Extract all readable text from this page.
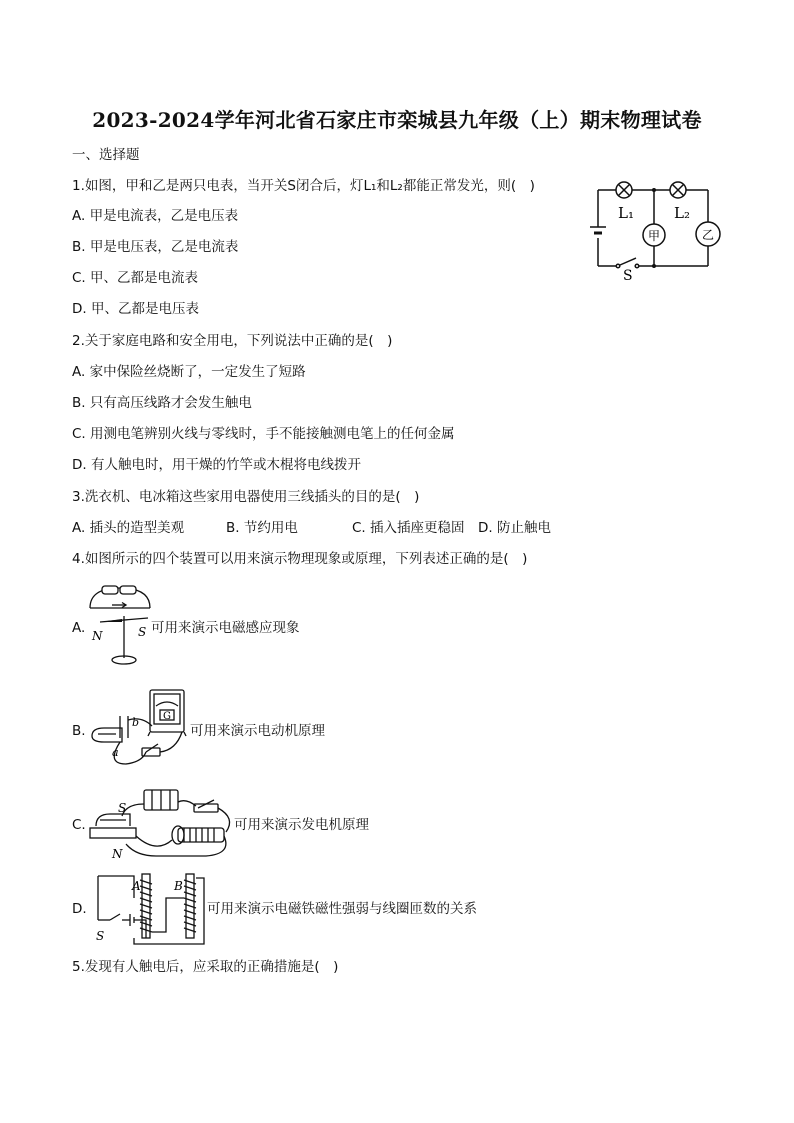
2023-2024学年河北省石家庄市栾城县九年级（上）期末物理试卷
一、选择题
1.如图，甲和乙是两只电表，当开关S闭合后，灯L₁和L₂都能正常发光，则(　)
A. 甲是电流表，乙是电压表
B. 甲是电压表，乙是电流表
C. 甲、乙都是电流表
D. 甲、乙都是电压表
L₁	L₂
甲	乙
S
2.关于家庭电路和安全用电，下列说法中正确的是(　)
A. 家中保险丝烧断了，一定发生了短路
B. 只有高压线路才会发生触电
C. 用测电笔辨别火线与零线时，手不能接触测电笔上的任何金属
D. 有人触电时，用干燥的竹竿或木棍将电线拨开
3.洗衣机、电冰箱这些家用电器使用三线插头的目的是(　)
A. 插头的造型美观	B. 节约用电	C. 插入插座更稳固 D. 防止触电
4.如图所示的四个装置可以用来演示物理现象或原理，下列表述正确的是(　)
A. N	S 可用来演示电磁感应现象
B.
G
a
b
可用来演示电动机原理
C.
S
N
可用来演示发电机原理
D.
A	B
S
可用来演示电磁铁磁性强弱与线圈匝数的关系
5.发现有人触电后，应采取的正确措施是(　)
